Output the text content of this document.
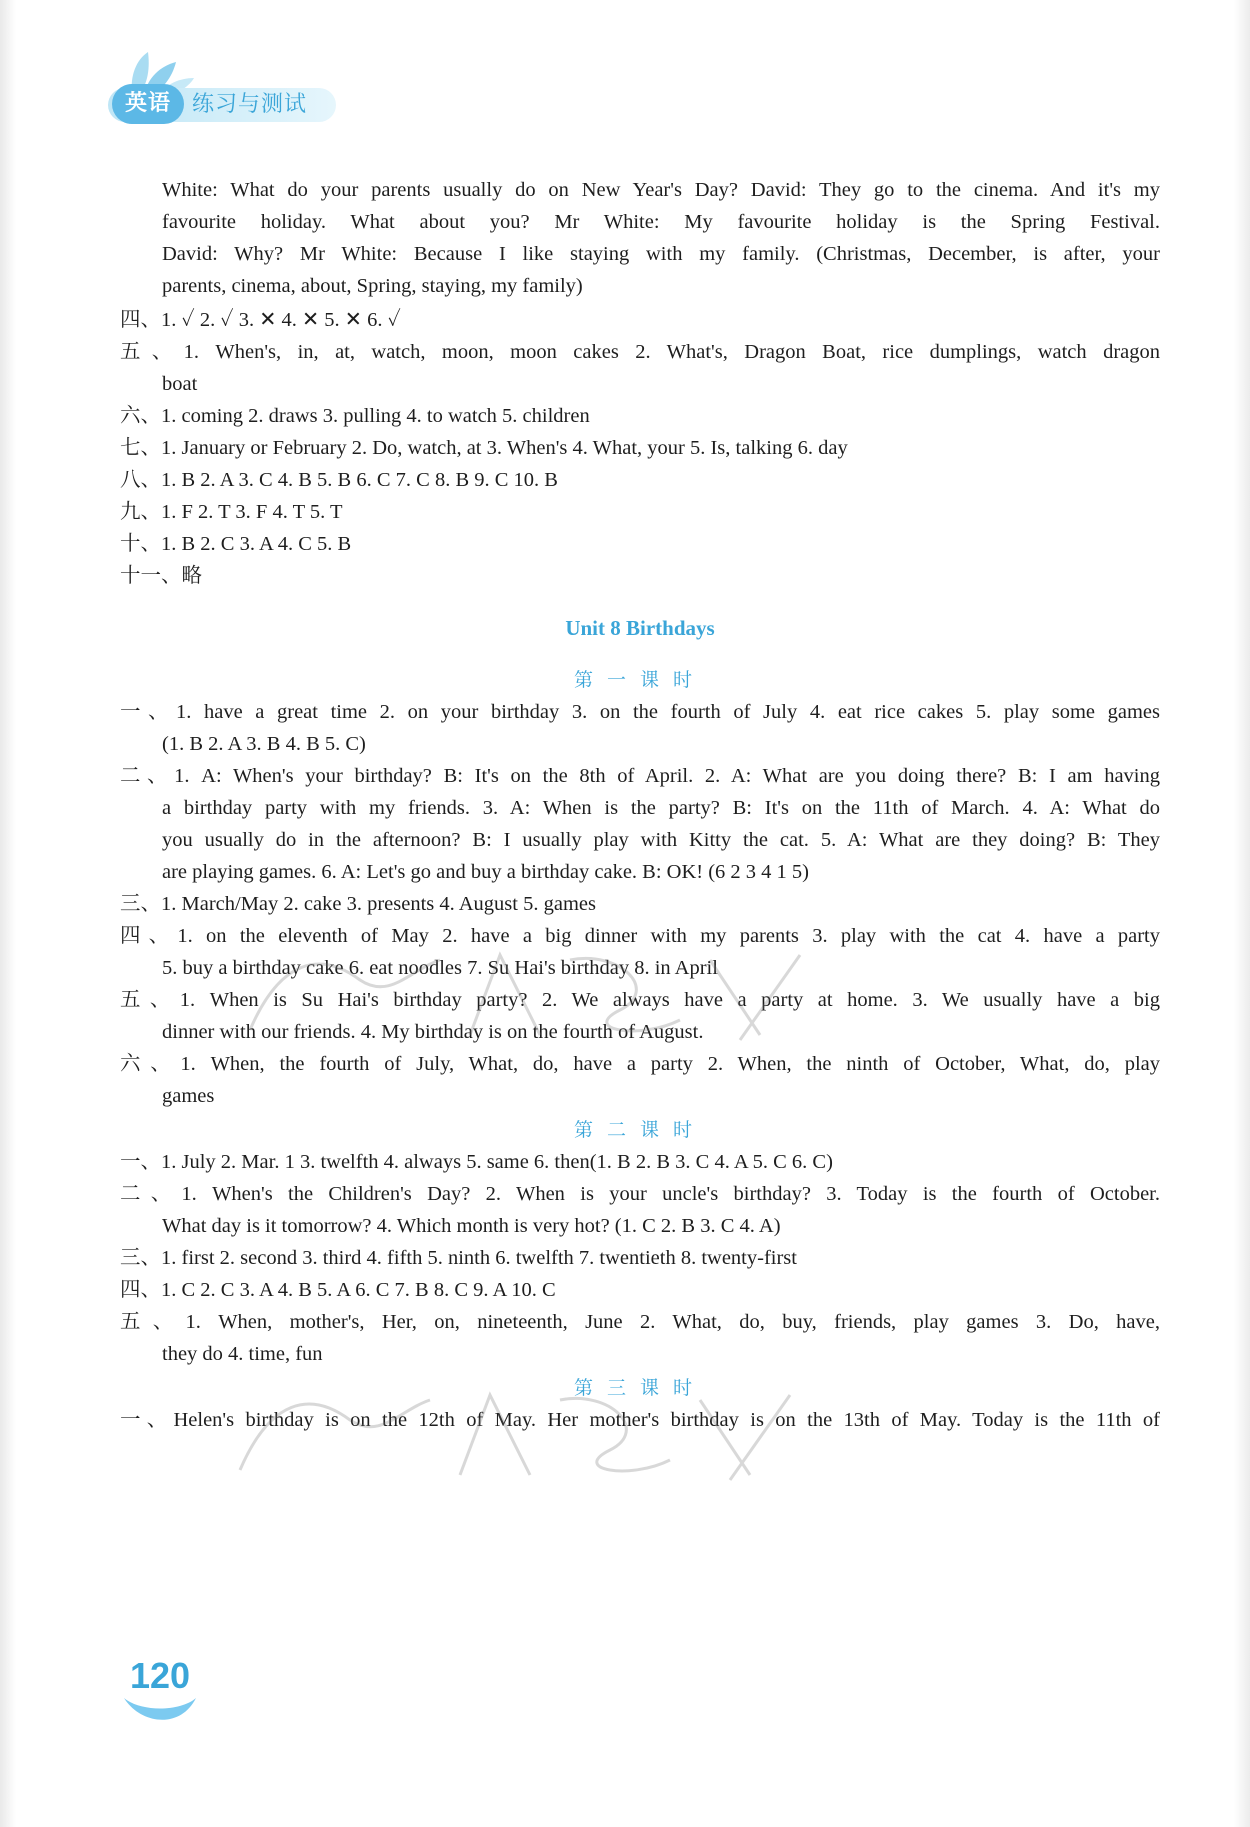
英语 练习与测试
White: What do your parents usually do on New Year's Day? David: They go to the cinema. And it's my
favourite holiday. What about you? Mr White: My favourite holiday is the Spring Festival.
David: Why? Mr White: Because I like staying with my family. (Christmas, December, is after, your
parents, cinema, about, Spring, staying, my family)
四、1. ✓ 2. ✓ 3. ✕ 4. ✕ 5. ✕ 6. ✓
五、1. When's, in, at, watch, moon, moon cakes 2. What's, Dragon Boat, rice dumplings, watch dragon
boat
六、1. coming 2. draws 3. pulling 4. to watch 5. children
七、1. January or February 2. Do, watch, at 3. When's 4. What, your 5. Is, talking 6. day
八、1. B 2. A 3. C 4. B 5. B 6. C 7. C 8. B 9. C 10. B
九、1. F 2. T 3. F 4. T 5. T
十、1. B 2. C 3. A 4. C 5. B
十一、略
Unit 8 Birthdays
第一课时
一、1. have a great time 2. on your birthday 3. on the fourth of July 4. eat rice cakes 5. play some games
(1. B 2. A 3. B 4. B 5. C)
二、1. A: When's your birthday? B: It's on the 8th of April. 2. A: What are you doing there? B: I am having
a birthday party with my friends. 3. A: When is the party? B: It's on the 11th of March. 4. A: What do
you usually do in the afternoon? B: I usually play with Kitty the cat. 5. A: What are they doing? B: They
are playing games. 6. A: Let's go and buy a birthday cake. B: OK! (6 2 3 4 1 5)
三、1. March/May 2. cake 3. presents 4. August 5. games
四、1. on the eleventh of May 2. have a big dinner with my parents 3. play with the cat 4. have a party
5. buy a birthday cake 6. eat noodles 7. Su Hai's birthday 8. in April
五、1. When is Su Hai's birthday party? 2. We always have a party at home. 3. We usually have a big
dinner with our friends. 4. My birthday is on the fourth of August.
六、1. When, the fourth of July, What, do, have a party 2. When, the ninth of October, What, do, play
games
第二课时
一、1. July 2. Mar. 1 3. twelfth 4. always 5. same 6. then(1. B 2. B 3. C 4. A 5. C 6. C)
二、1. When's the Children's Day? 2. When is your uncle's birthday? 3. Today is the fourth of October.
What day is it tomorrow? 4. Which month is very hot? (1. C 2. B 3. C 4. A)
三、1. first 2. second 3. third 4. fifth 5. ninth 6. twelfth 7. twentieth 8. twenty-first
四、1. C 2. C 3. A 4. B 5. A 6. C 7. B 8. C 9. A 10. C
五、1. When, mother's, Her, on, nineteenth, June 2. What, do, buy, friends, play games 3. Do, have,
they do 4. time, fun
第三课时
一、Helen's birthday is on the 12th of May. Her mother's birthday is on the 13th of May. Today is the 11th of
120
